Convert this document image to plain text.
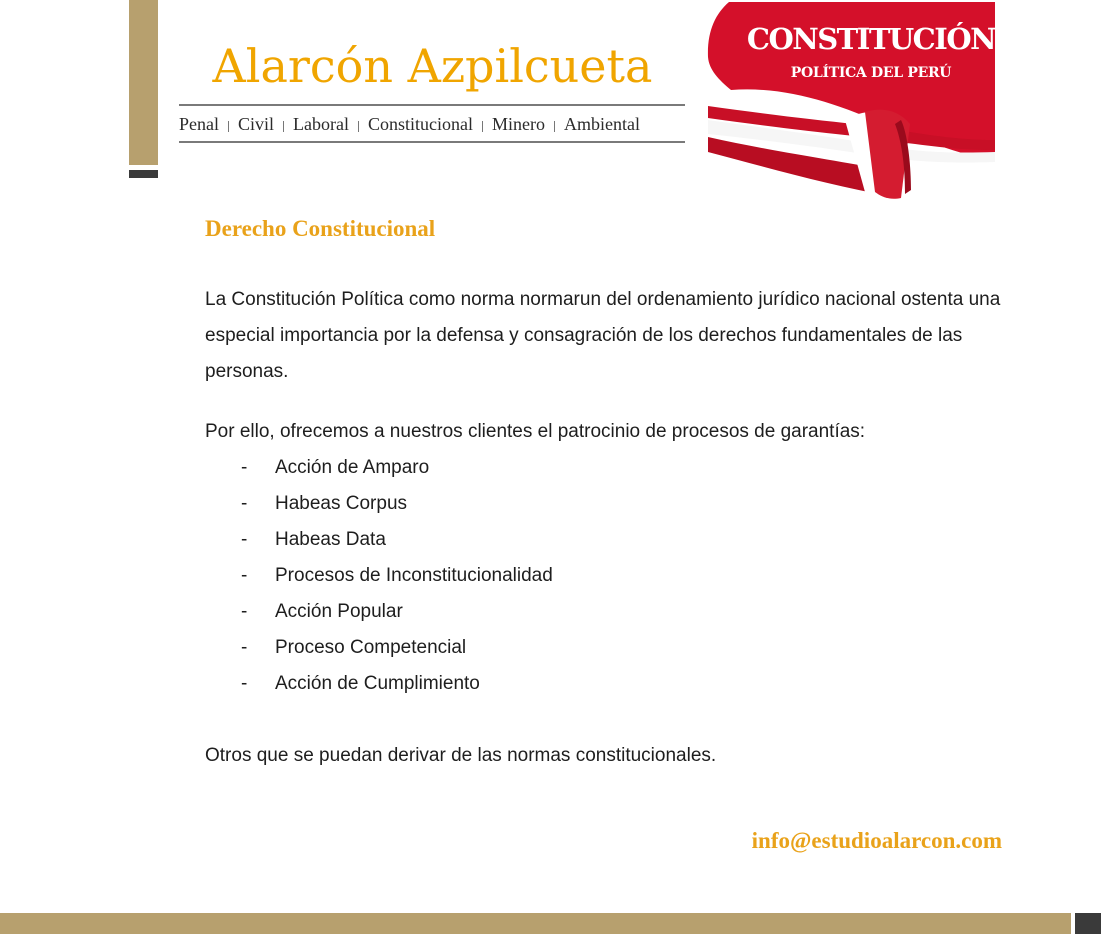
Alarcón Azpilcueta
Penal Civil Laboral Constitucional Minero Ambiental
CONSTITUCIÓN
POLÍTICA DEL PERÚ
Derecho Constitucional

La Constitución Política como norma normarun del ordenamiento jurídico nacional ostenta una especial importancia por la defensa y consagración de los derechos fundamentales de las personas.

Por ello, ofrecemos a nuestros clientes el patrocinio de procesos de garantías:

- Acción de Amparo
- Habeas Corpus
- Habeas Data
- Procesos de Inconstitucionalidad
- Acción Popular
- Proceso Competencial
- Acción de Cumplimiento

Otros que se puedan derivar de las normas constitucionales.

info@estudioalarcon.com
